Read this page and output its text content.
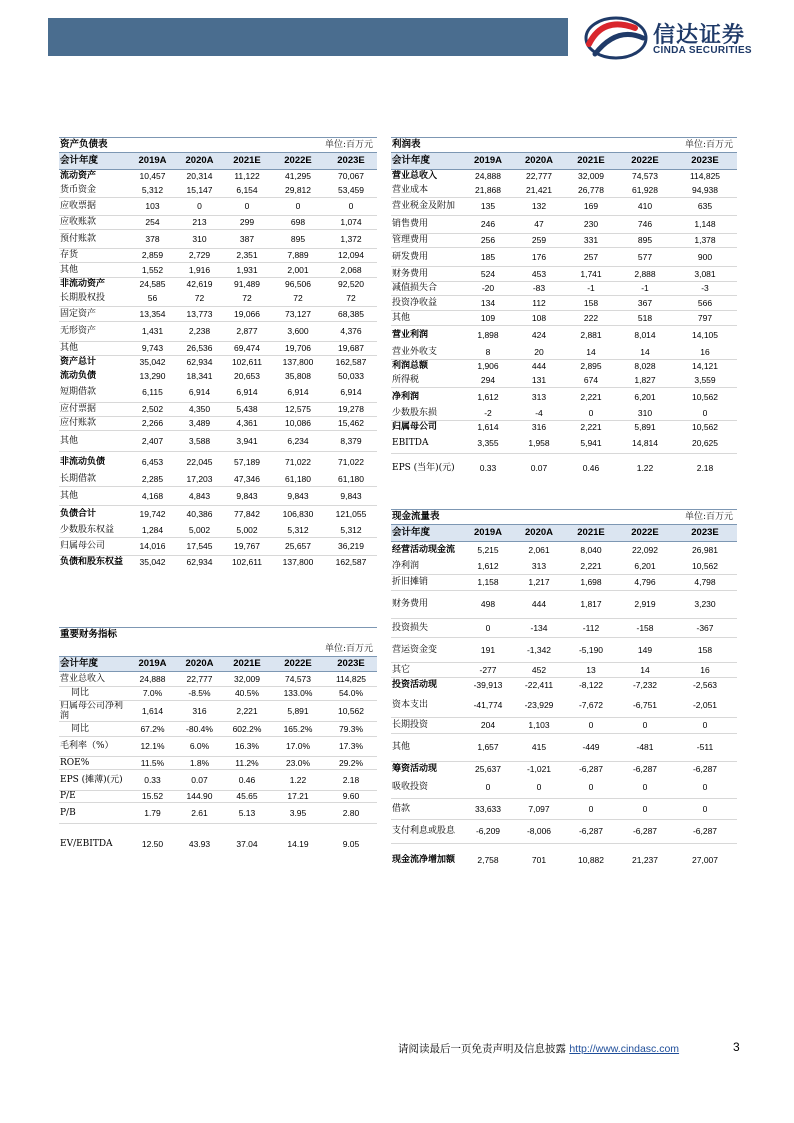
信达证券
CINDA SECURITIES
资产负债表	单位:百万元
会计年度	2019A	2020A	2021E	2022E	2023E
流动资产	10,457	20,314	11,122	41,295	70,067
货币资金	5,312	15,147	6,154	29,812	53,459
应收票据	103	0	0	0	0
应收账款	254	213	299	698	1,074
预付账款	378	310	387	895	1,372
存货	2,859	2,729	2,351	7,889	12,094
其他	1,552	1,916	1,931	2,001	2,068
非流动资产	24,585	42,619	91,489	96,506	92,520
长期股权投	56	72	72	72	72
固定资产	13,354	13,773	19,066	73,127	68,385
无形资产	1,431	2,238	2,877	3,600	4,376
其他	9,743	26,536	69,474	19,706	19,687
资产总计	35,042	62,934	102,611	137,800	162,587
流动负债	13,290	18,341	20,653	35,808	50,033
短期借款	6,115	6,914	6,914	6,914	6,914
应付票据	2,502	4,350	5,438	12,575	19,278
应付账款	2,266	3,489	4,361	10,086	15,462
其他	2,407	3,588	3,941	6,234	8,379
非流动负债	6,453	22,045	57,189	71,022	71,022
长期借款	2,285	17,203	47,346	61,180	61,180
其他	4,168	4,843	9,843	9,843	9,843
负债合计	19,742	40,386	77,842	106,830	121,055
少数股东权益	1,284	5,002	5,002	5,312	5,312
归属母公司	14,016	17,545	19,767	25,657	36,219
负债和股东权益	35,042	62,934	102,611	137,800	162,587
重要财务指标
单位:百万元
会计年度	2019A	2020A	2021E	2022E	2023E
营业总收入	24,888	22,777	32,009	74,573	114,825
同比	7.0%	-8.5%	40.5%	133.0%	54.0%
归属母公司净利润	1,614	316	2,221	5,891	10,562
同比	67.2%	-80.4%	602.2%	165.2%	79.3%
毛利率（%）	12.1%	6.0%	16.3%	17.0%	17.3%
ROE%	11.5%	1.8%	11.2%	23.0%	29.2%
EPS (摊薄)(元)	0.33	0.07	0.46	1.22	2.18
P/E	15.52	144.90	45.65	17.21	9.60
P/B	1.79	2.61	5.13	3.95	2.80
EV/EBITDA	12.50	43.93	37.04	14.19	9.05
利润表	单位:百万元
会计年度	2019A	2020A	2021E	2022E	2023E
营业总收入	24,888	22,777	32,009	74,573	114,825
营业成本	21,868	21,421	26,778	61,928	94,938
营业税金及附加	135	132	169	410	635
销售费用	246	47	230	746	1,148
管理费用	256	259	331	895	1,378
研发费用	185	176	257	577	900
财务费用	524	453	1,741	2,888	3,081
减值损失合	-20	-83	-1	-1	-3
投资净收益	134	112	158	367	566
其他	109	108	222	518	797
营业利润	1,898	424	2,881	8,014	14,105
营业外收支	8	20	14	14	16
利润总额	1,906	444	2,895	8,028	14,121
所得税	294	131	674	1,827	3,559
净利润	1,612	313	2,221	6,201	10,562
少数股东损	-2	-4	0	310	0
归属母公司	1,614	316	2,221	5,891	10,562
EBITDA	3,355	1,958	5,941	14,814	20,625
EPS (当年)(元)	0.33	0.07	0.46	1.22	2.18
现金流量表	单位:百万元
会计年度	2019A	2020A	2021E	2022E	2023E
经营活动现金流	5,215	2,061	8,040	22,092	26,981
净利润	1,612	313	2,221	6,201	10,562
折旧摊销	1,158	1,217	1,698	4,796	4,798
财务费用	498	444	1,817	2,919	3,230
投资损失	0	-134	-112	-158	-367
营运资金变	191	-1,342	-5,190	149	158
其它	-277	452	13	14	16
投资活动现	-39,913	-22,411	-8,122	-7,232	-2,563
资本支出	-41,774	-23,929	-7,672	-6,751	-2,051
长期投资	204	1,103	0	0	0
其他	1,657	415	-449	-481	-511
筹资活动现	25,637	-1,021	-6,287	-6,287	-6,287
吸收投资	0	0	0	0	0
借款	33,633	7,097	0	0	0
支付利息或股息	-6,209	-8,006	-6,287	-6,287	-6,287
现金流净增加额	2,758	701	10,882	21,237	27,007
请阅读最后一页免责声明及信息披露 http://www.cindasc.com	3
